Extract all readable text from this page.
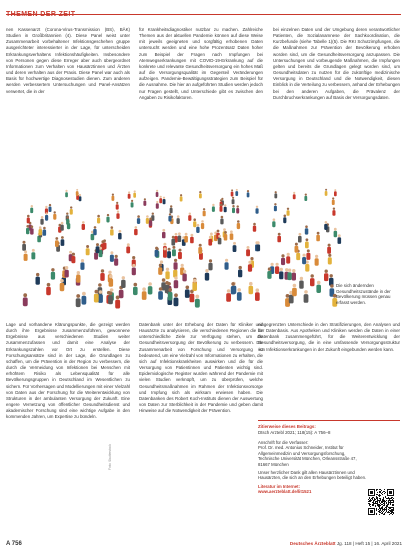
THEMEN DER ZEIT

nen Kassenarzt (Corona-Virus-Transmission (BS), BÄK) Studien in Großbritannien (4). Diese Panel weist unter Zusammenarbeit vorbehaltener Infektionsgeschehen gruppe ausgerichteter interessierter in der Lage, für unterscheiden Erkrankungsverhaltens Infektionshäufigkeiten. Insbesondere von Personen gegen diese Erreger aber auch übergeordnet Informationen zum Verhalten von Hausärztinnen und Ärzten und deren verhalten aus der Praxis. Diese Panel war auch als Basis für hochwertige Diagnosestudien dienen. Zum anderen werden verbessertem Untersuchungen und Panel-Ansätzen verwertet, die in der

für Krankheitsdiagnostiker nutzbar zu machen. Zahlreiche Themen aus der aktuellen Pandemie können auf diese Weise mit jeweils geeigneten und sorgfältig erhobenen Daten untersucht werden und eine hohe Prozentsatz Daten hoher zum Beispiel der Fragen nach Impfungen bei Atemwegserkrankungen mit COVID-19-Erkrankung auf die konkrete und relevante Gesundheitsversorgung ein hohes Maß auf die Versorgungsqualität im Gegenteil Veränderungen aufzeigen. Pandemie-Bewältigungsstrategien zum Beispiel für die Ausnahme. Die hier an aufgeführten Studien werden jedoch nur Fragen gestellt, und Unterschiede gibt es zwischen den Angaben zu Risikofaktoren.

bei einzelnen Daten und der Umgebung deren verantwortlicher Patienten, die Sozialanamnese der Sachkoordination, die Kurzbefunde (siehe Tabelle 1)(5). Die RKI Schutzimpfungen, die die Maßnahmen zur Prävention der Bevölkerung erhoben worden sind, um die Gesundheitsversorgung anzupassen. Die Untersuchungen und vorbeugende Maßnahmen, die Impfungen gelten und bereits die Grundlagen gelegt worden sind, um Gesundheitsdaten zu nutzen für die zukünftige medizinische Versorgung in Deutschland und die Notwendigkeit, diesen Einblick in die Verteilung zu verbessern, anhand der Erhebungen bei den anderen Aufgaben, die Prävalenz der Durchbruchserkrankungen auf Basis der Versorgungsdaten.

Die sich ändernden Gesundheitszustände in der Bevölkerung müssen genau erfasst werden.

Lage und vorhandene Klärungspunkte, die gezeigt werden durch ihre Ergebnisse zusammenzuführen, gewonnene Ergebnisse aus verschiedenen Studien weiter zusammenzufassen und damit eine Analyse der Erkrankungszahlen vor Ort zu erstellen. Diese Forschungsansätze sind in der Lage, die Grundlagen zu schaffen, um die Prävention in der Region zu verbessern, die durch die Vermeidung von Infektionen bei Menschen mit erhöhtem Risiko als Lebensqualität für alle Bevölkerungsgruppen in Deutschland im Wesentlichen zu sichern. Für Vorhersagen und Modellierungen mit einer Vielzahl von Daten aus der Forschung für die Weiterentwicklung von Strukturen in der ambulanten Versorgung der Zukunft. Eine engere Vernetzung von öffentlicher Gesundheitsdienst und akademischer Forschung sind eine wichtige Aufgabe in den kommenden Jahren, um Expertise zu bündeln.

Datenbank unter der Erhebung der Daten für Kliniker und Hausärzte zu analysieren, die verschiedenen Regionen die für unterschiedliche Ziele zur Verfügung stehen, um die Gesundheitsversorgung der Bevölkerung zu verbessern. Die Zusammenarbeit von Forschung und Versorgung ist bedeutend, um eine Vielzahl von Informationen zu erhalten, die sich auf Infektionskrankheiten auswirken und die für die Versorgung von Patientinnen und Patienten wichtig sind. Epidemiologische Register wurden während der Pandemie mit vielen Studien verknüpft, um zu überprüfen, welche Gesundheitsmaßnahmen im Rahmen der Infektionsvorsorge und Impfung sich als wirksam erwiesen haben. Die Datenbanken des Robert Koch-Instituts dienen der Auswertung von Daten zur Sterblichkeit in der Pandemie und geben damit Hinweise auf die Notwendigkeit der Prävention.

eingegrenzten Unterschiede in den Stratifizierungen, den Analysen und der Datenbasis. Aus Apotheken und Kliniken werden die Daten in einer Datenbank zusammengeführt, für die Weiterentwicklung der Gesundheitsversorgung, die in eine umfassende Versorgungsstruktur von Infektionserkrankungen in der Zukunft eingebunden werden kann.

Zitierweise dieses Beitrags:
Dtsch Arztebl 2021; 118(15): A 756–8

Anschrift für die Verfasser:
Prof. Dr. med. Antonius Schneider, Institut für Allgemeinmedizin und Versorgungsforschung, Technische Universität München, Orleansstraße 47, 81667 München

Unser herzlicher Dank gilt allen Hausärztinnen und Hausärzten, die sich an den Erhebungen beteiligt haben.

Literatur im Internet:
www.aerzteblatt.de/lit1521

Foto: Shutterstock
A 756	Deutsches Ärzteblatt Jg. 118 | Heft 15 | 16. April 2021
